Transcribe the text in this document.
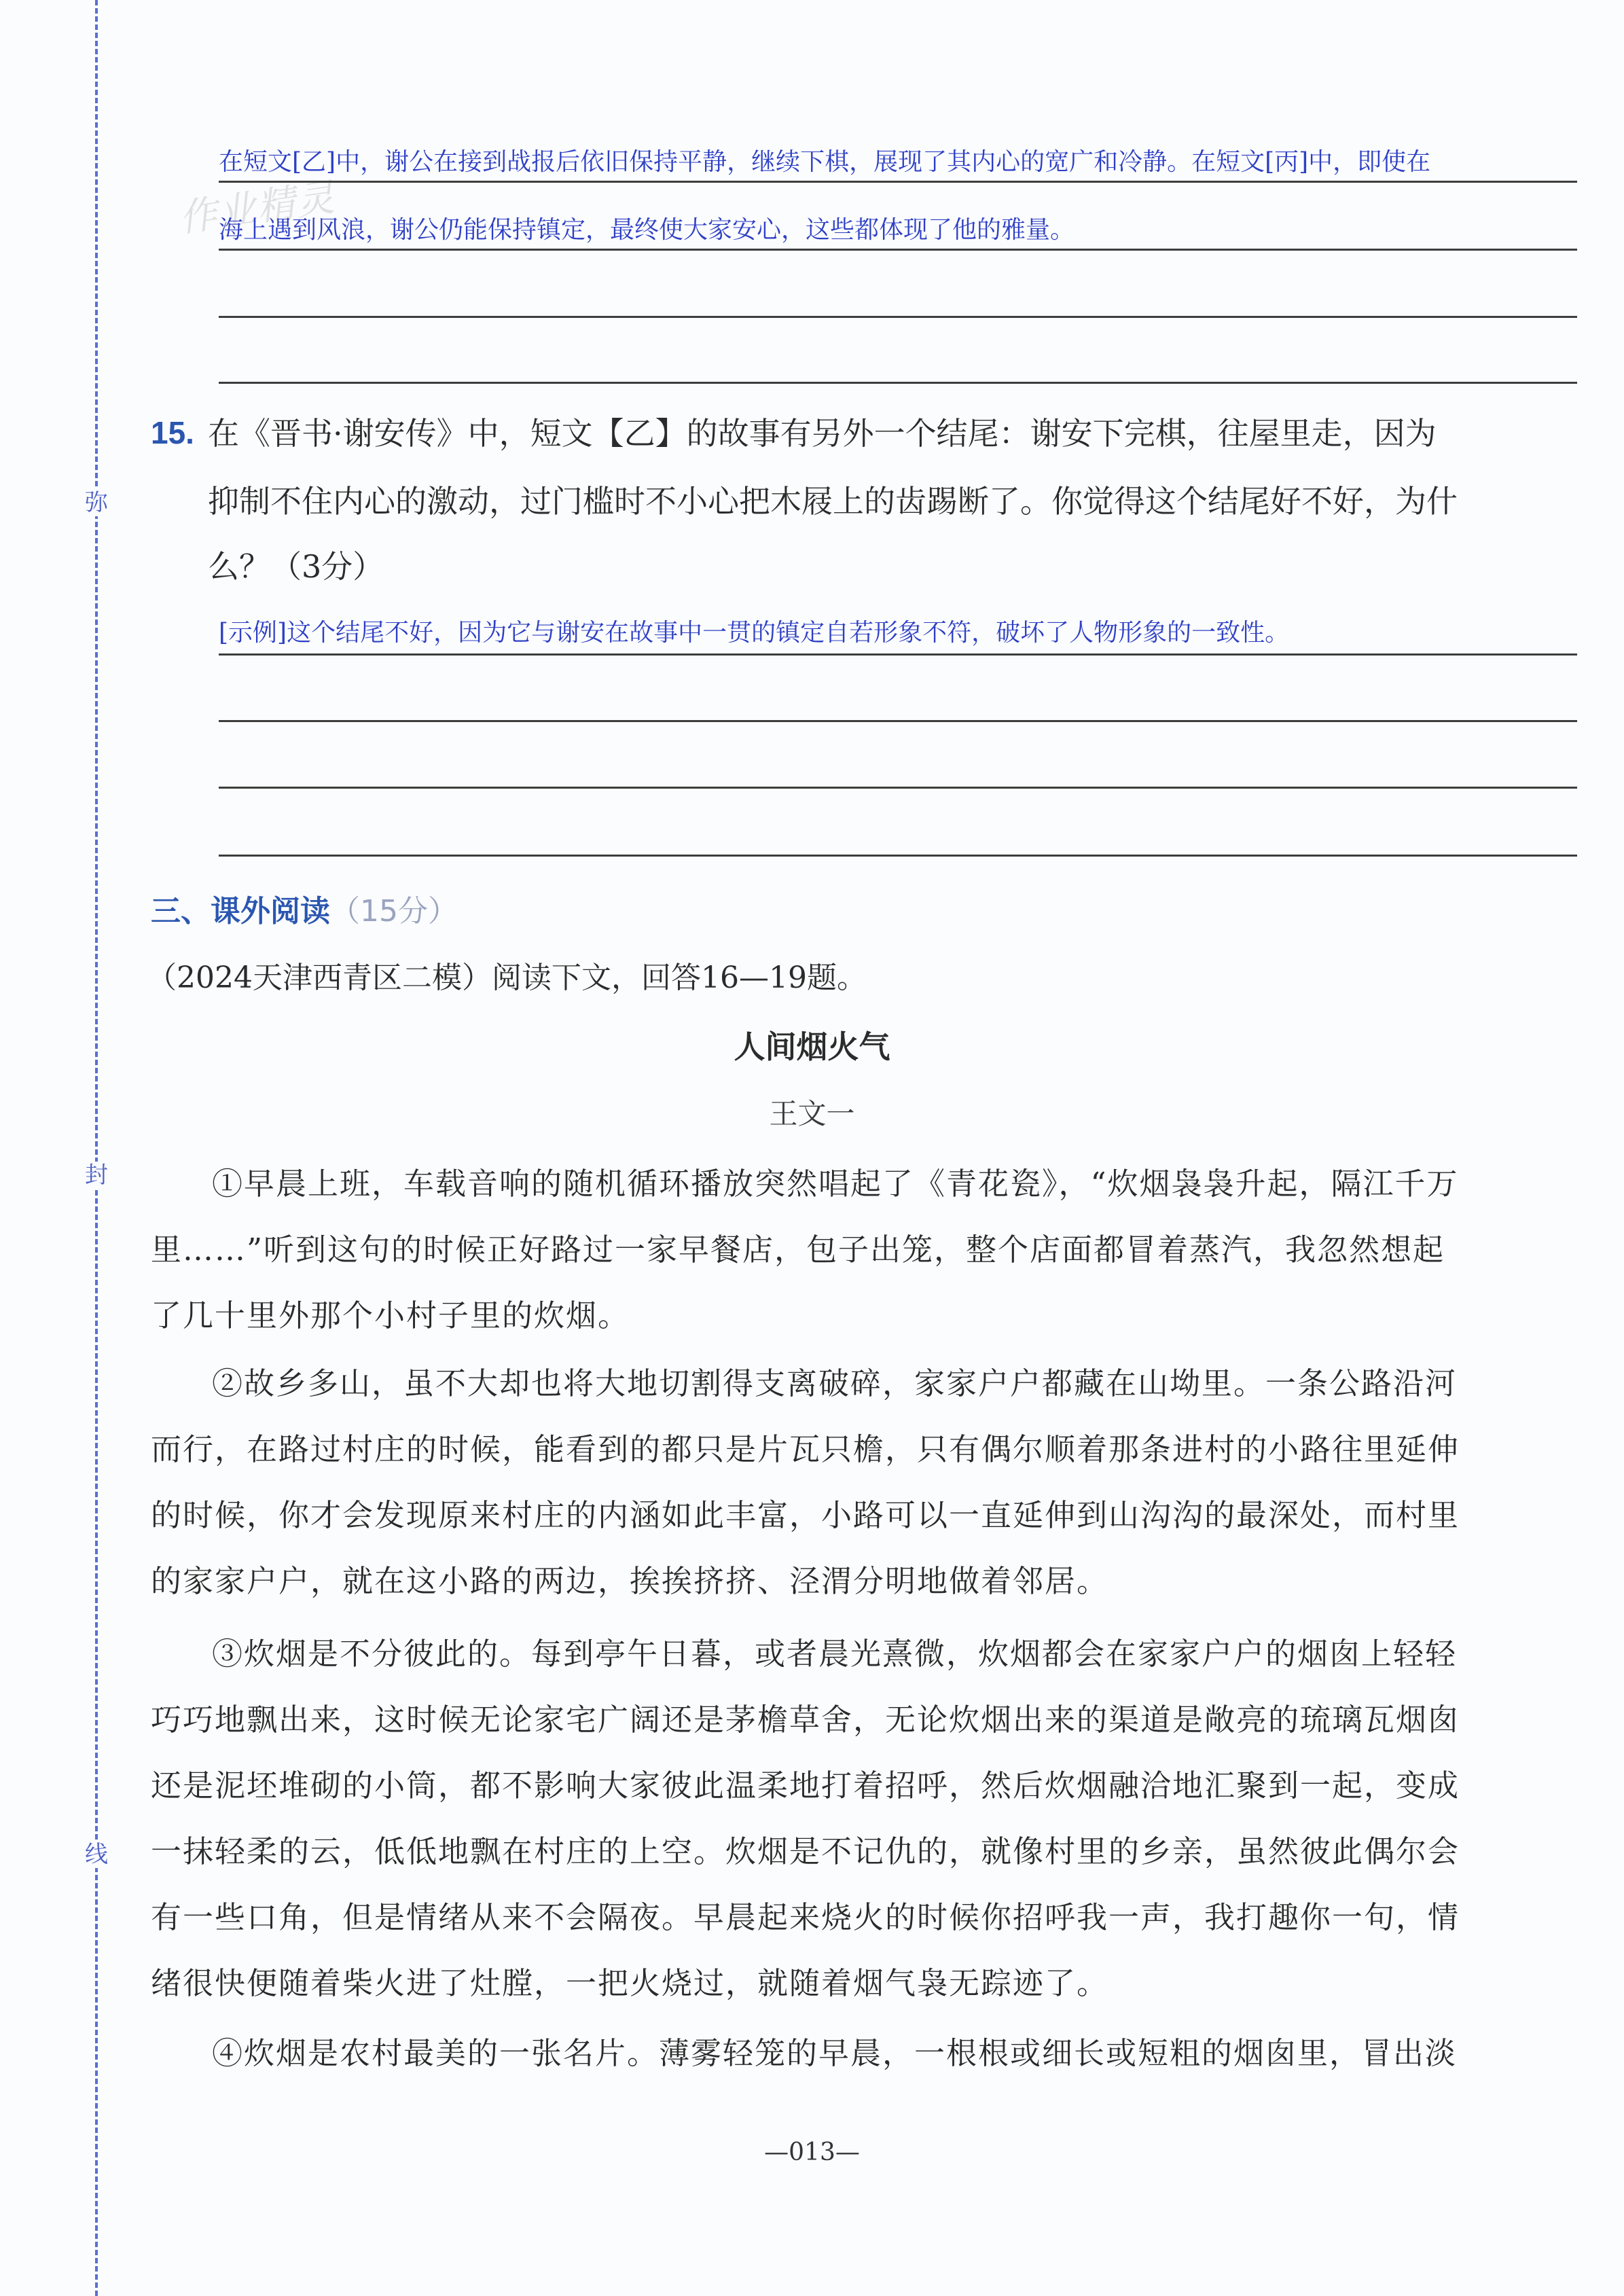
弥
封
线
作业精灵
在短文[乙]中，谢公在接到战报后依旧保持平静，继续下棋，展现了其内心的宽广和冷静。在短文[丙]中，即使在
海上遇到风浪，谢公仍能保持镇定，最终使大家安心，这些都体现了他的雅量。
15. 在《晋书·谢安传》中，短文【乙】的故事有另外一个结尾：谢安下完棋，往屋里走，因为
抑制不住内心的激动，过门槛时不小心把木屐上的齿踢断了。你觉得这个结尾好不好，为什
么？（3分）
[示例]这个结尾不好，因为它与谢安在故事中一贯的镇定自若形象不符，破坏了人物形象的一致性。
三、课外阅读（15分）
（2024天津西青区二模）阅读下文，回答16—19题。
人间烟火气
王文一
①早晨上班，车载音响的随机循环播放突然唱起了《青花瓷》，“炊烟袅袅升起，隔江千万
里……”听到这句的时候正好路过一家早餐店，包子出笼，整个店面都冒着蒸汽，我忽然想起
了几十里外那个小村子里的炊烟。
②故乡多山，虽不大却也将大地切割得支离破碎，家家户户都藏在山坳里。一条公路沿河
而行，在路过村庄的时候，能看到的都只是片瓦只檐，只有偶尔顺着那条进村的小路往里延伸
的时候，你才会发现原来村庄的内涵如此丰富，小路可以一直延伸到山沟沟的最深处，而村里
的家家户户，就在这小路的两边，挨挨挤挤、泾渭分明地做着邻居。
③炊烟是不分彼此的。每到亭午日暮，或者晨光熹微，炊烟都会在家家户户的烟囱上轻轻
巧巧地飘出来，这时候无论家宅广阔还是茅檐草舍，无论炊烟出来的渠道是敞亮的琉璃瓦烟囱
还是泥坯堆砌的小筒，都不影响大家彼此温柔地打着招呼，然后炊烟融洽地汇聚到一起，变成
一抹轻柔的云，低低地飘在村庄的上空。炊烟是不记仇的，就像村里的乡亲，虽然彼此偶尔会
有一些口角，但是情绪从来不会隔夜。早晨起来烧火的时候你招呼我一声，我打趣你一句，情
绪很快便随着柴火进了灶膛，一把火烧过，就随着烟气袅无踪迹了。
④炊烟是农村最美的一张名片。薄雾轻笼的早晨，一根根或细长或短粗的烟囱里，冒出淡
—013—
